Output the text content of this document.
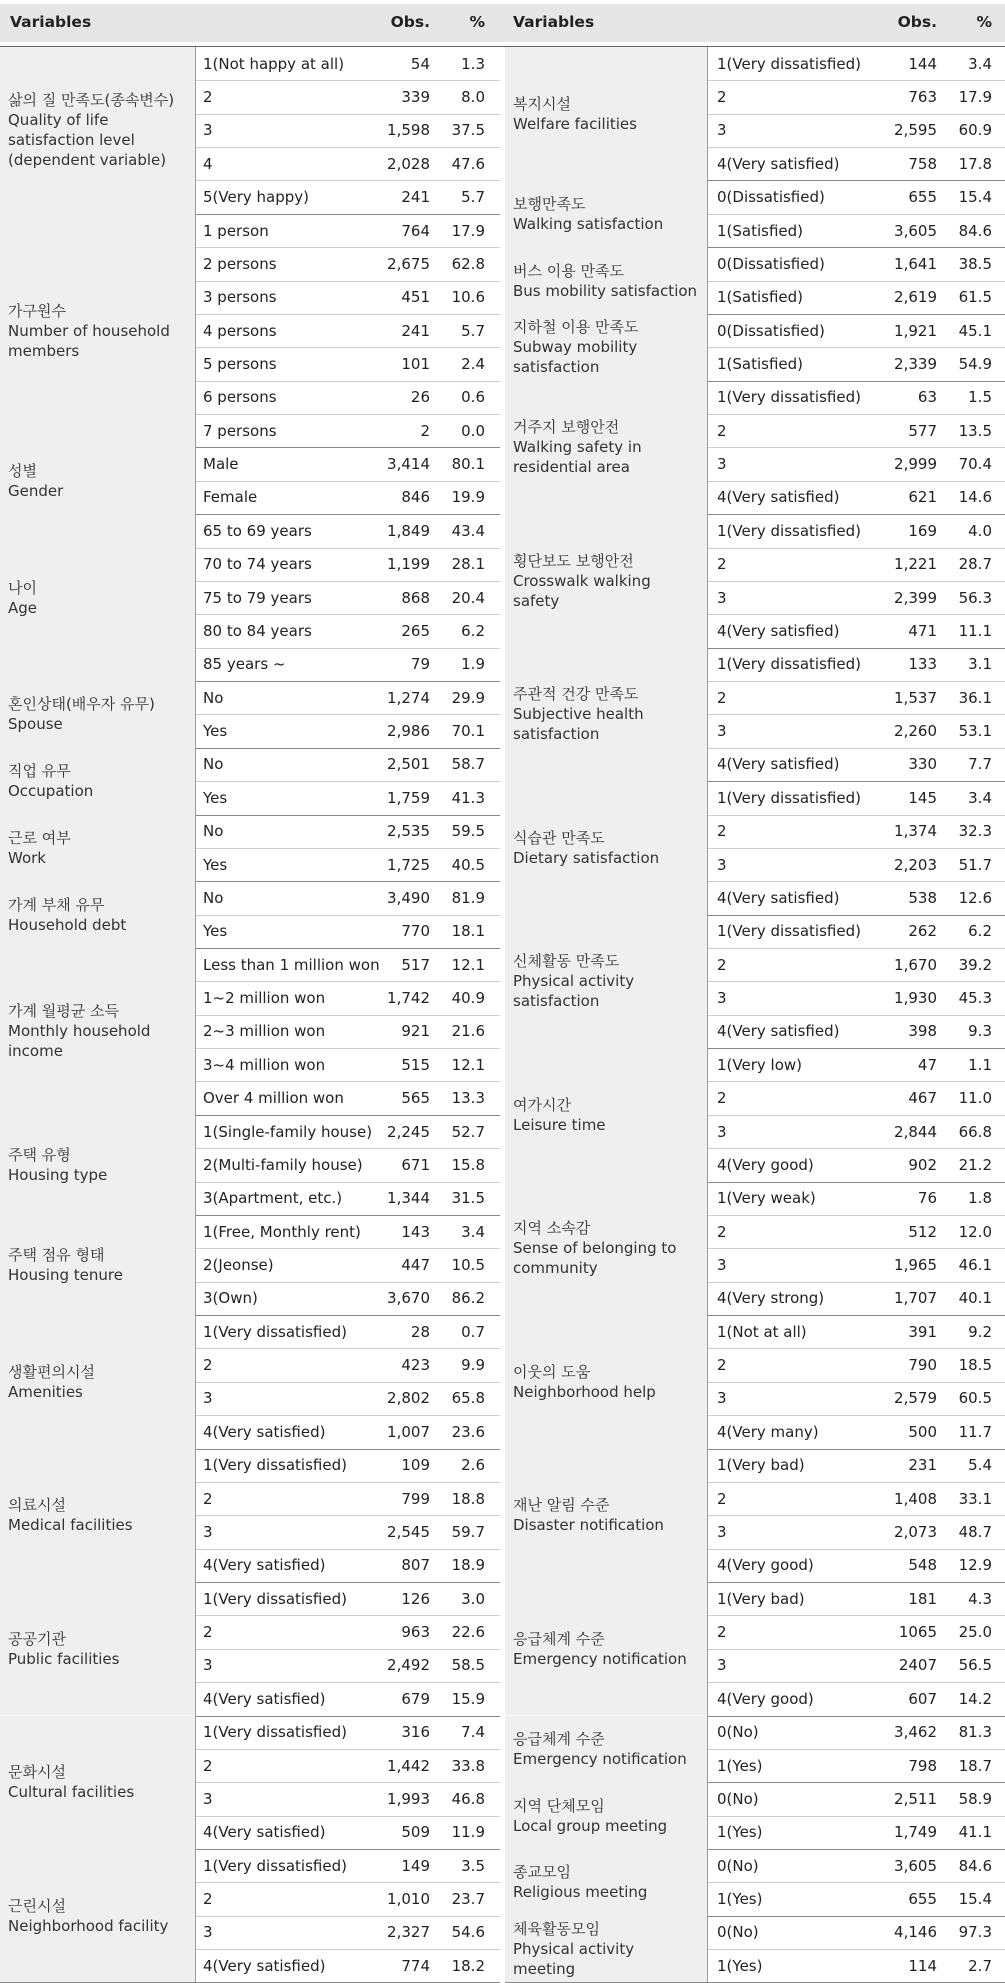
Variables	Obs.	% Variables	Obs.	%
삶의 질 만족도(종속변수)
Quality of life satisfaction level (dependent variable)
1(Not happy at all)	54	1.3
2	339	8.0
3	1,598	37.5
4	2,028	47.6
5(Very happy)	241	5.7
가구원수
Number of household members
1 person	764	17.9
2 persons	2,675	62.8
3 persons	451	10.6
4 persons	241	5.7
5 persons	101	2.4
6 persons	26	0.6
7 persons	2	0.0
성별
Gender
Male	3,414	80.1
Female	846	19.9
나이
Age
65 to 69 years	1,849	43.4
70 to 74 years	1,199	28.1
75 to 79 years	868	20.4
80 to 84 years	265	6.2
85 years ~	79	1.9
혼인상태(배우자 유무)
Spouse
No	1,274	29.9
Yes	2,986	70.1
직업 유무
Occupation
No	2,501	58.7
Yes	1,759	41.3
근로 여부
Work
No	2,535	59.5
Yes	1,725	40.5
가계 부채 유무
Household debt
No	3,490	81.9
Yes	770	18.1
가계 월평균 소득
Monthly household income
Less than 1 million won	517	12.1
1~2 million won	1,742	40.9
2~3 million won	921	21.6
3~4 million won	515	12.1
Over 4 million won	565	13.3
주택 유형
Housing type
1(Single-family house) 2,245	52.7
2(Multi-family house)	671	15.8
3(Apartment, etc.)	1,344	31.5
주택 점유 형태
Housing tenure
1(Free, Monthly rent)	143	3.4
2(Jeonse)	447	10.5
3(Own)	3,670	86.2
생활편의시설
Amenities
1(Very dissatisfied)	28	0.7
2	423	9.9
3	2,802	65.8
4(Very satisfied)	1,007	23.6
의료시설
Medical facilities
1(Very dissatisfied)	109	2.6
2	799	18.8
3	2,545	59.7
4(Very satisfied)	807	18.9
공공기관
Public facilities
1(Very dissatisfied)	126	3.0
2	963	22.6
3	2,492	58.5
4(Very satisfied)	679	15.9
문화시설
Cultural facilities
1(Very dissatisfied)	316	7.4
2	1,442	33.8
3	1,993	46.8
4(Very satisfied)	509	11.9
근린시설
Neighborhood facility
1(Very dissatisfied)	149	3.5
2	1,010	23.7
3	2,327	54.6
4(Very satisfied)	774	18.2
복지시설
Welfare facilities
1(Very dissatisfied)	144	3.4
2	763	17.9
3	2,595	60.9
4(Very satisfied)	758	17.8
보행만족도
Walking satisfaction
0(Dissatisfied)	655	15.4
1(Satisfied)	3,605	84.6
버스 이용 만족도
Bus mobility satisfaction
0(Dissatisfied)	1,641	38.5
1(Satisfied)	2,619	61.5
지하철 이용 만족도
Subway mobility satisfaction
0(Dissatisfied)	1,921	45.1
1(Satisfied)	2,339	54.9
거주지 보행안전
Walking safety in residential area
1(Very dissatisfied)	63	1.5
2	577	13.5
3	2,999	70.4
4(Very satisfied)	621	14.6
횡단보도 보행안전
Crosswalk walking safety
1(Very dissatisfied)	169	4.0
2	1,221	28.7
3	2,399	56.3
4(Very satisfied)	471	11.1
주관적 건강 만족도
Subjective health satisfaction
1(Very dissatisfied)	133	3.1
2	1,537	36.1
3	2,260	53.1
4(Very satisfied)	330	7.7
식습관 만족도
Dietary satisfaction
1(Very dissatisfied)	145	3.4
2	1,374	32.3
3	2,203	51.7
4(Very satisfied)	538	12.6
신체활동 만족도
Physical activity satisfaction
1(Very dissatisfied)	262	6.2
2	1,670	39.2
3	1,930	45.3
4(Very satisfied)	398	9.3
여가시간
Leisure time
1(Very low)	47	1.1
2	467	11.0
3	2,844	66.8
4(Very good)	902	21.2
지역 소속감
Sense of belonging to community
1(Very weak)	76	1.8
2	512	12.0
3	1,965	46.1
4(Very strong)	1,707	40.1
이웃의 도움
Neighborhood help
1(Not at all)	391	9.2
2	790	18.5
3	2,579	60.5
4(Very many)	500	11.7
재난 알림 수준
Disaster notification
1(Very bad)	231	5.4
2	1,408	33.1
3	2,073	48.7
4(Very good)	548	12.9
응급체계 수준
Emergency notification
1(Very bad)	181	4.3
2	1065	25.0
3	2407	56.5
4(Very good)	607	14.2
응급체계 수준
Emergency notification
0(No)	3,462	81.3
1(Yes)	798	18.7
지역 단체모임
Local group meeting
0(No)	2,511	58.9
1(Yes)	1,749	41.1
종교모임
Religious meeting
0(No)	3,605	84.6
1(Yes)	655	15.4
체육활동모임
Physical activity meeting
0(No)	4,146	97.3
1(Yes)	114	2.7
